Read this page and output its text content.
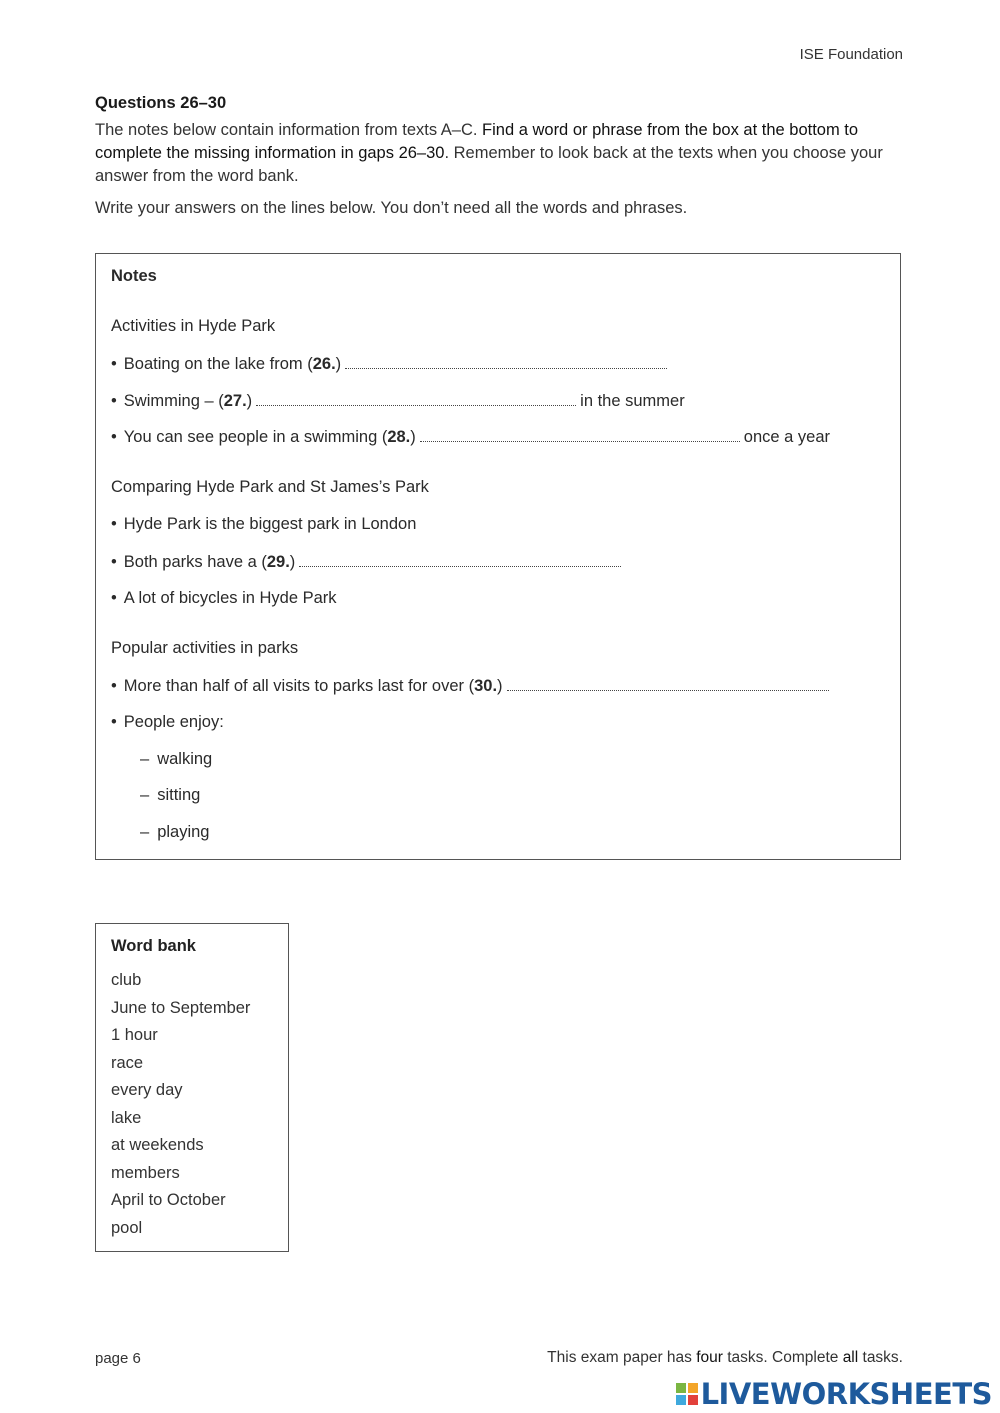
ISE Foundation
Questions 26–30
The notes below contain information from texts A–C. Find a word or phrase from the box at the bottom to complete the missing information in gaps 26–30. Remember to look back at the texts when you choose your answer from the word bank.
Write your answers on the lines below. You don’t need all the words and phrases.
Notes
Activities in Hyde Park
• Boating on the lake from (26.)
• Swimming – (27.)	in the summer
• You can see people in a swimming (28.)	once a year
Comparing Hyde Park and St James’s Park
• Hyde Park is the biggest park in London
• Both parks have a (29.)
• A lot of bicycles in Hyde Park
Popular activities in parks
• More than half of all visits to parks last for over (30.)
• People enjoy:
– walking
– sitting
– playing
Word bank
club
June to September
1 hour
race
every day
lake
at weekends
members
April to October
pool
page 6	This exam paper has four tasks. Complete all tasks.
LIVEWORKSHEETS
